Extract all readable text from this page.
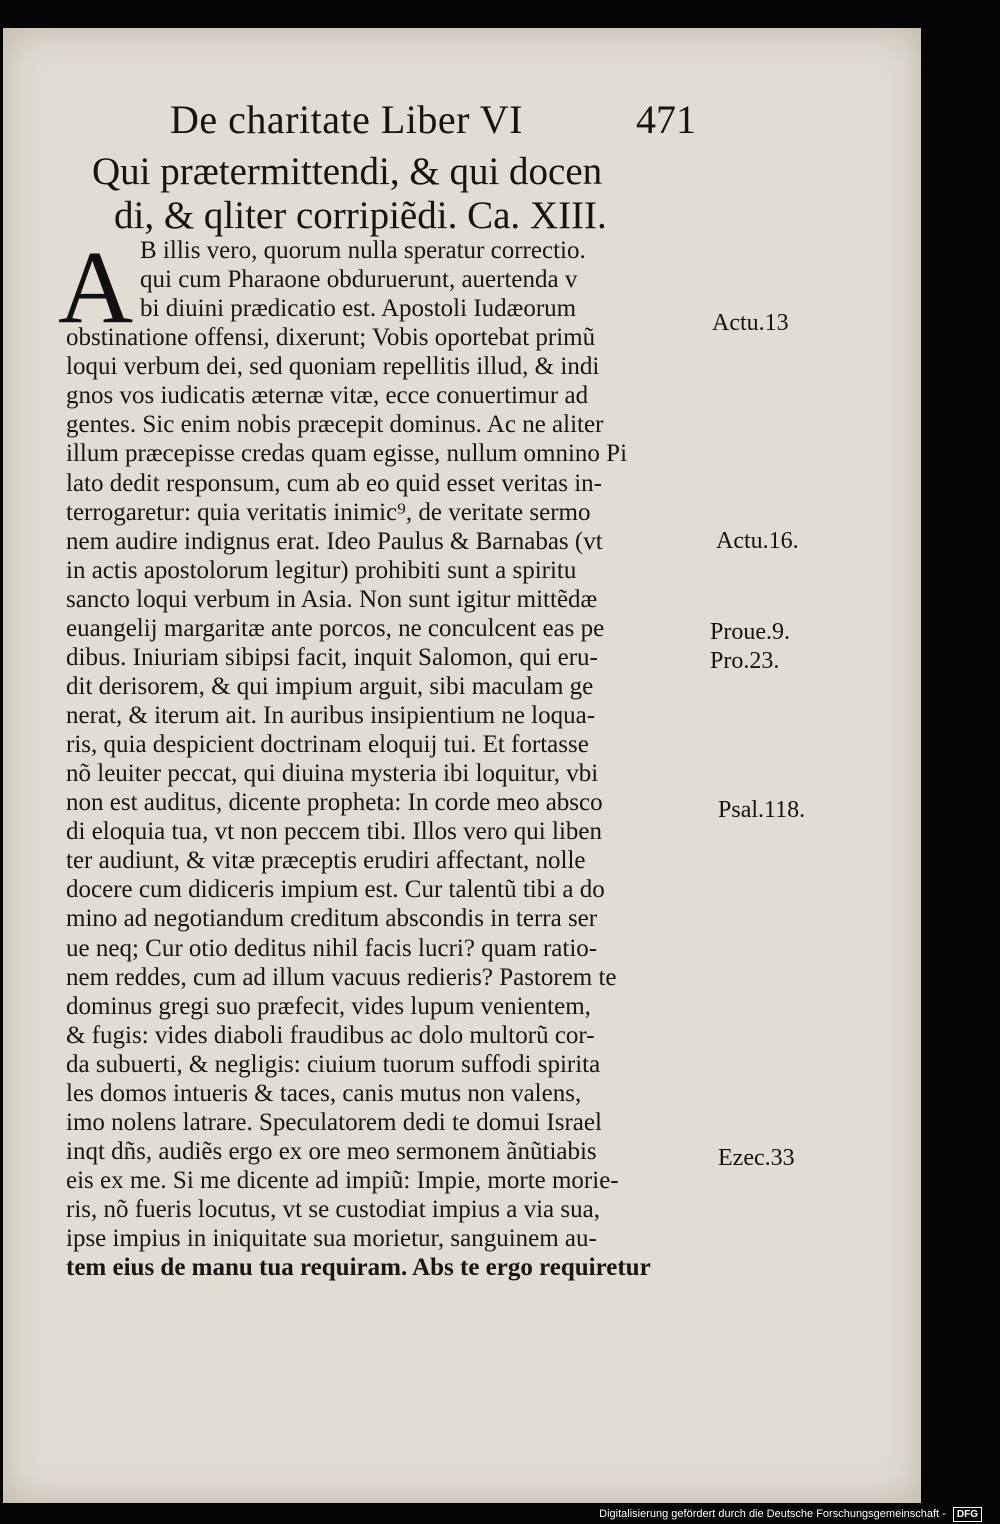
De charitate Liber VI	471
Qui prætermittendi, & qui docen
di, & qliter corripiẽdi. Ca. XIII.
A B illis vero, quorum nulla speratur correctio.
qui cum Pharaone obduruerunt, auertenda v
bi diuini prædicatio est. Apostoli Iudæorum
obstinatione offensi, dixerunt; Vobis oportebat primũ
loqui verbum dei, sed quoniam repellitis illud, & indi
gnos vos iudicatis æternæ vitæ, ecce conuertimur ad
gentes. Sic enim nobis præcepit dominus. Ac ne aliter
illum præcepisse credas quam egisse, nullum omnino Pi
lato dedit responsum, cum ab eo quid esset veritas in-
terrogaretur: quia veritatis inimic⁹, de veritate sermo
nem audire indignus erat. Ideo Paulus & Barnabas (vt
in actis apostolorum legitur) prohibiti sunt a spiritu
sancto loqui verbum in Asia. Non sunt igitur mittẽdæ
euangelij margaritæ ante porcos, ne conculcent eas pe
dibus. Iniuriam sibipsi facit, inquit Salomon, qui eru-
dit derisorem, & qui impium arguit, sibi maculam ge
nerat, & iterum ait. In auribus insipientium ne loqua-
ris, quia despicient doctrinam eloquij tui. Et fortasse
nõ leuiter peccat, qui diuina mysteria ibi loquitur, vbi
non est auditus, dicente propheta: In corde meo absco
di eloquia tua, vt non peccem tibi. Illos vero qui liben
ter audiunt, & vitæ præceptis erudiri affectant, nolle
docere cum didiceris impium est. Cur talentũ tibi a do
mino ad negotiandum creditum abscondis in terra ser
ue neq; Cur otio deditus nihil facis lucri? quam ratio-
nem reddes, cum ad illum vacuus redieris? Pastorem te
dominus gregi suo præfecit, vides lupum venientem,
& fugis: vides diaboli fraudibus ac dolo multorũ cor-
da subuerti, & negligis: ciuium tuorum suffodi spirita
les domos intueris & taces, canis mutus non valens,
imo nolens latrare. Speculatorem dedi te domui Israel
inqt dñs, audiẽs ergo ex ore meo sermonem ãnũtiabis
eis ex me. Si me dicente ad impiũ: Impie, morte morie-
ris, nõ fueris locutus, vt se custodiat impius a via sua,
ipse impius in iniquitate sua morietur, sanguinem au-
tem eius de manu tua requiram. Abs te ergo requiretur
Actu.13
Actu.16.
Proue.9.
Pro.23.
Psal.118.
Ezec.33
Digitalisierung gefördert durch die Deutsche Forschungsgemeinschaft - DFG
